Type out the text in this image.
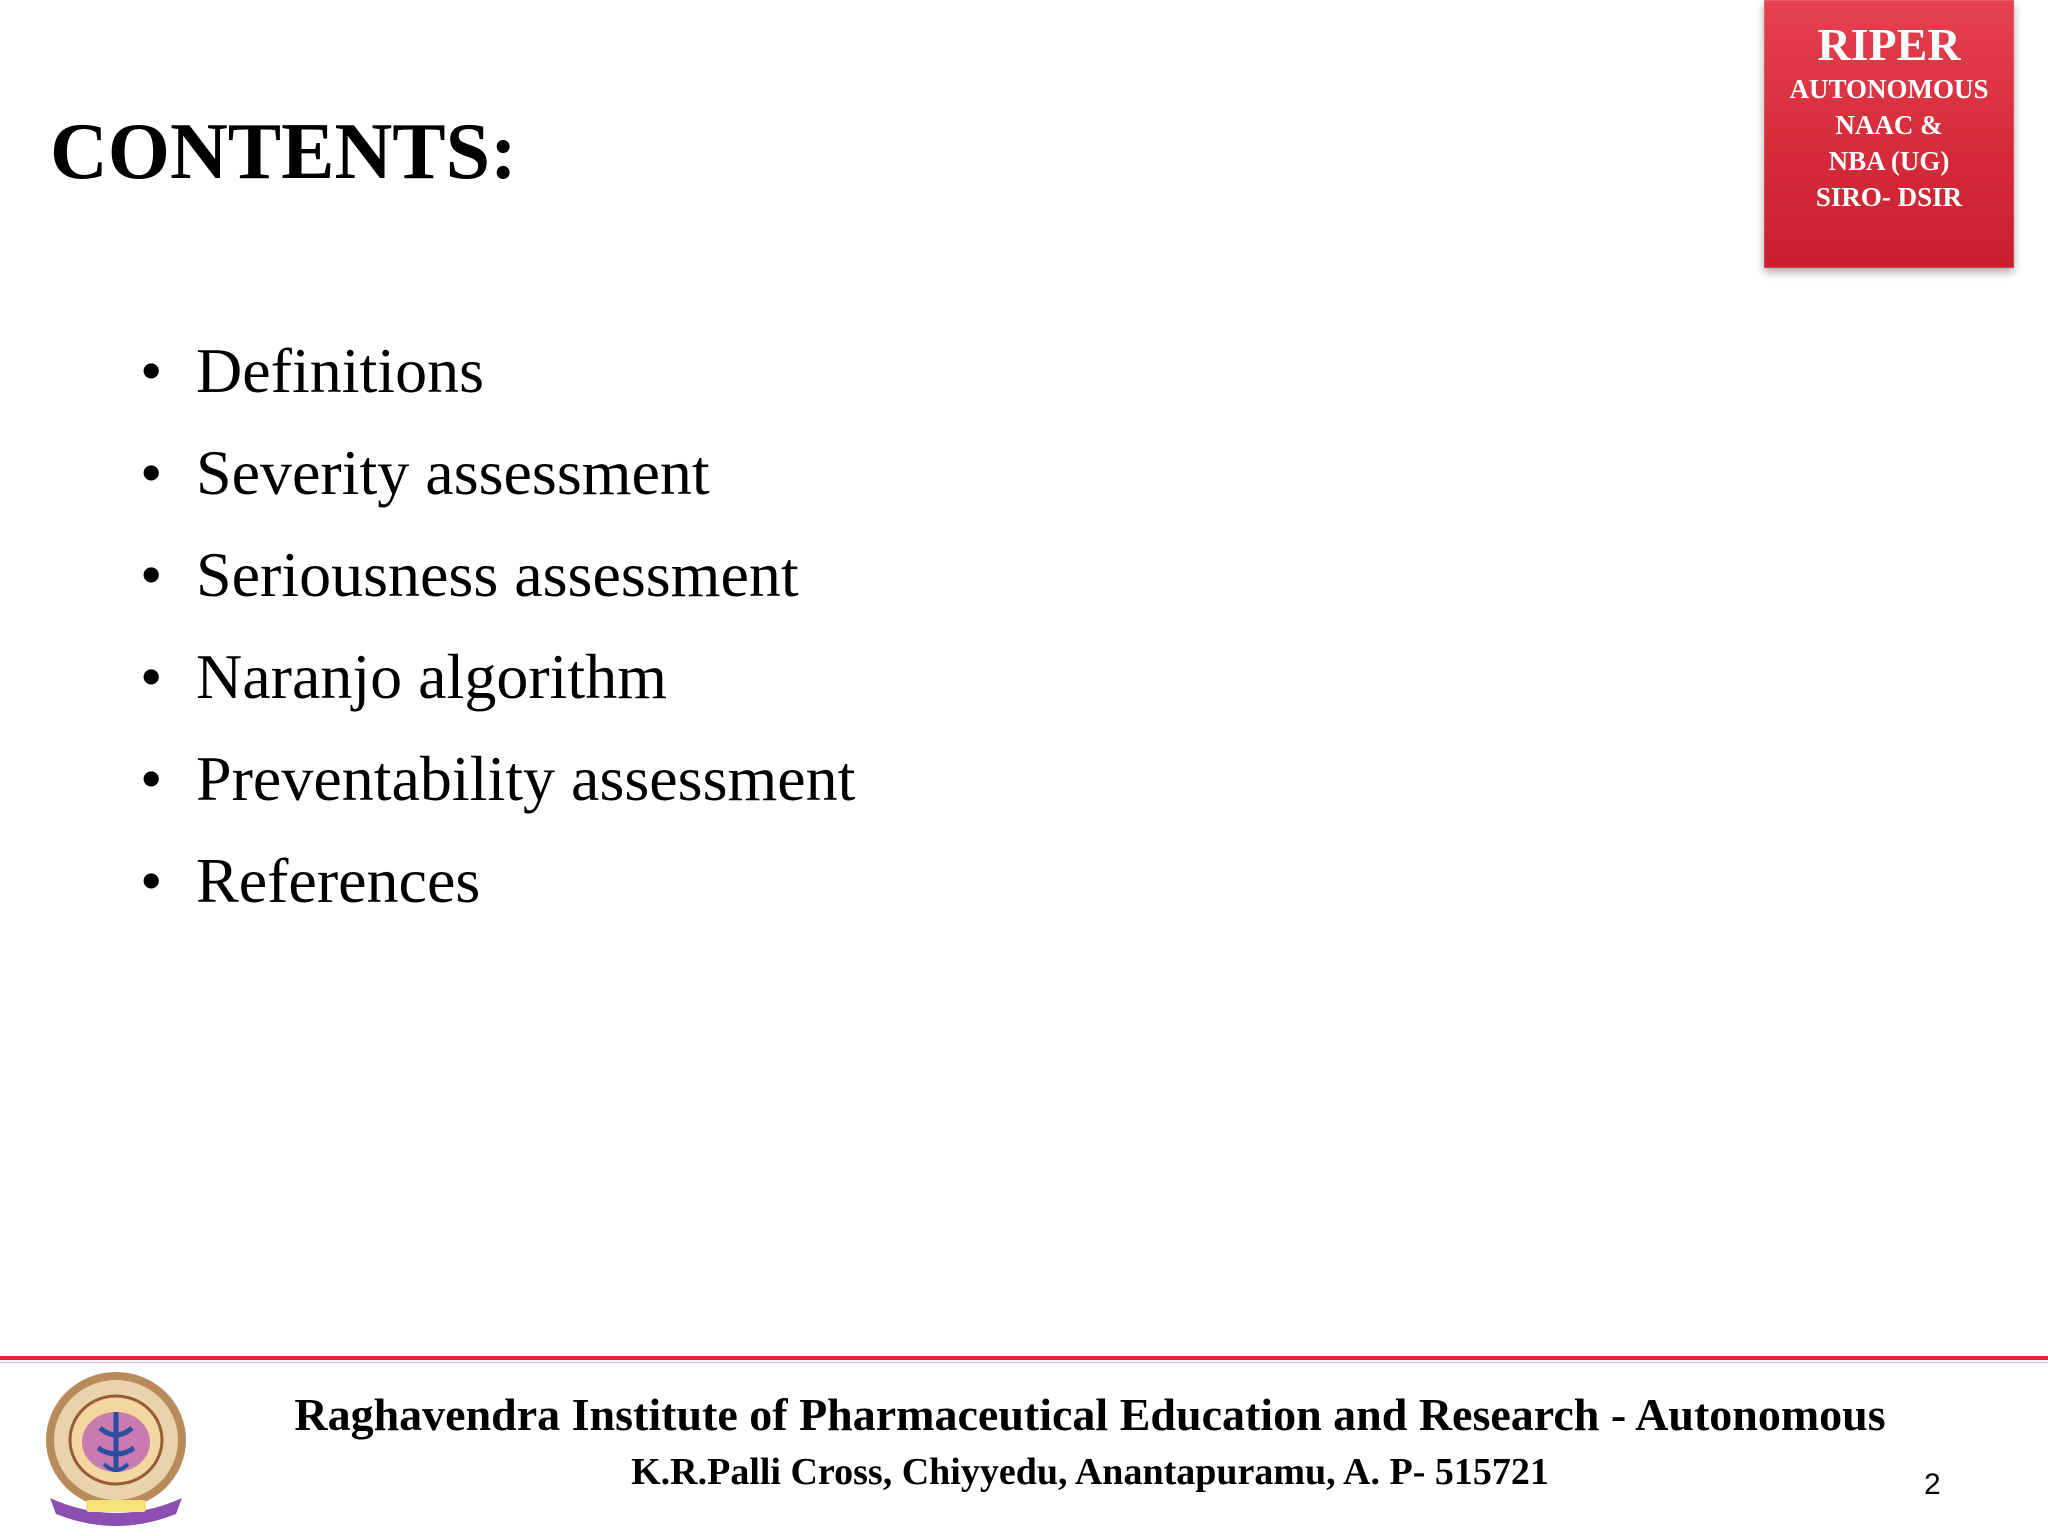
CONTENTS:
RIPER
AUTONOMOUS
NAAC &
NBA (UG)
SIRO- DSIR
• Definitions
• Severity assessment
• Seriousness assessment
• Naranjo algorithm
• Preventability assessment
• References
Raghavendra Institute of Pharmaceutical Education and Research - Autonomous
K.R.Palli Cross, Chiyyedu, Anantapuramu, A. P- 515721	2
